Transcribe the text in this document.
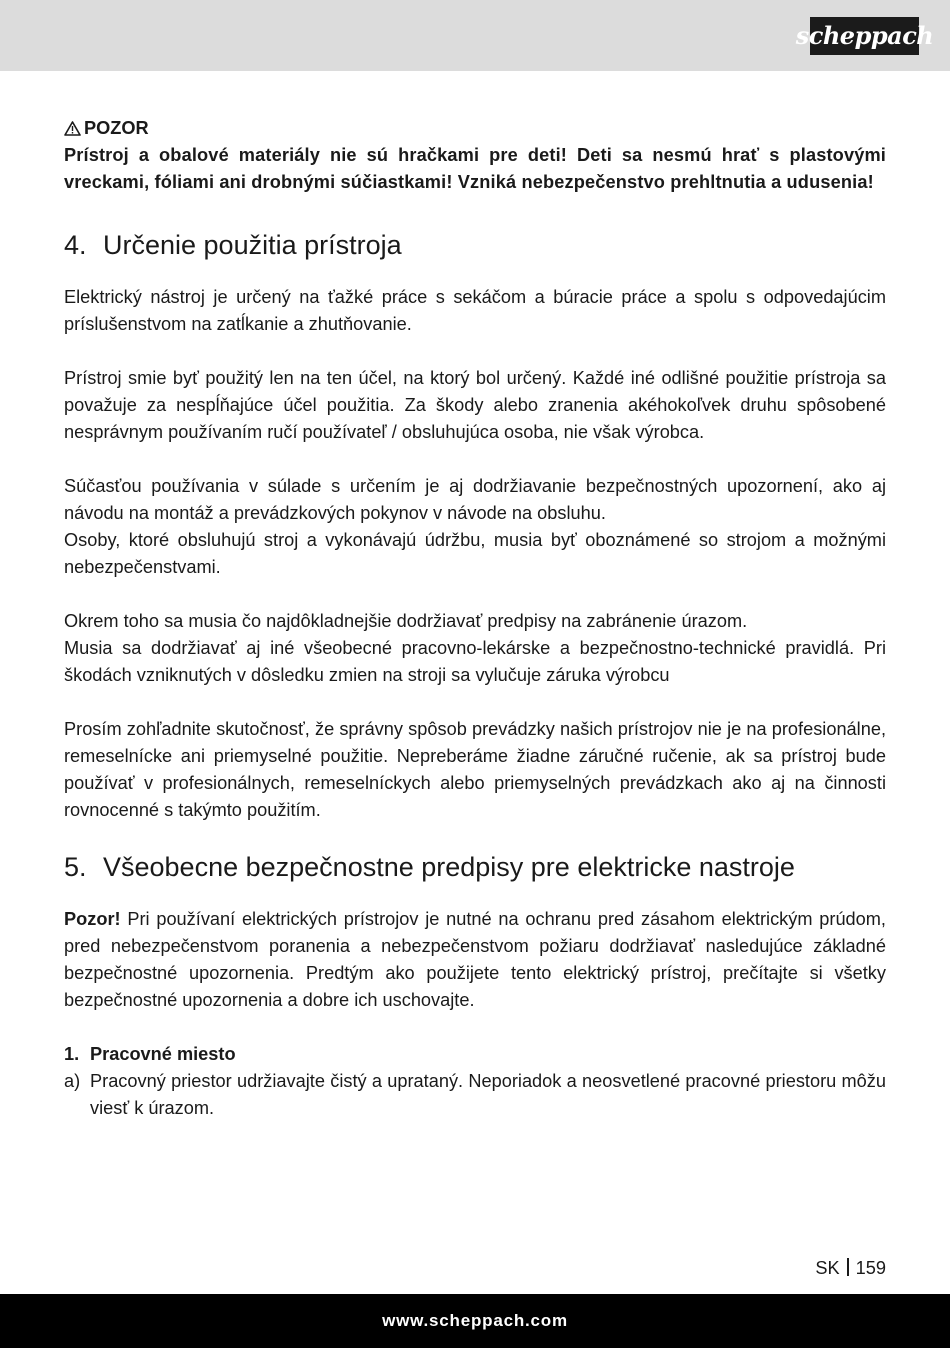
scheppach
POZOR

Prístroj a obalové materiály nie sú hračkami pre deti! Deti sa nesmú hrať s plastovými vreckami, fóliami ani drobnými súčiastkami! Vzniká nebezpečenstvo prehltnutia a udusenia!

4. Určenie použitia prístroja

Elektrický nástroj je určený na ťažké práce s sekáčom a búracie práce a spolu s odpovedajúcim príslušenstvom na zatĺkanie a zhutňovanie.

Prístroj smie byť použitý len na ten účel, na ktorý bol určený. Každé iné odlišné použitie prístroja sa považuje za nespĺňajúce účel použitia. Za škody alebo zranenia akéhokoľvek druhu spôsobené nesprávnym používaním ručí používateľ / obsluhujúca osoba, nie však výrobca.

Súčasťou používania v súlade s určením je aj dodržiavanie bezpečnostných upozornení, ako aj návodu na montáž a prevádzkových pokynov v návode na obsluhu.

Osoby, ktoré obsluhujú stroj a vykonávajú údržbu, musia byť oboznámené so strojom a možnými nebezpečenstvami.

Okrem toho sa musia čo najdôkladnejšie dodržiavať predpisy na zabránenie úrazom.

Musia sa dodržiavať aj iné všeobecné pracovno-lekárske a bezpečnostno-technické pravidlá. Pri škodách vzniknutých v dôsledku zmien na stroji sa vylučuje záruka výrobcu

Prosím zohľadnite skutočnosť, že správny spôsob prevádzky našich prístrojov nie je na profesionálne, remeselnícke ani priemyselné použitie. Nepreberáme žiadne záručné ručenie, ak sa prístroj bude používať v profesionálnych, remeselníckych alebo priemyselných prevádzkach ako aj na činnosti rovnocenné s takýmto použitím.

5. Všeobecne bezpečnostne predpisy pre elektricke nastroje

Pozor! Pri používaní elektrických prístrojov je nutné na ochranu pred zásahom elektrickým prúdom, pred nebezpečenstvom poranenia a nebezpečenstvom požiaru dodržiavať nasledujúce základné bezpečnostné upozornenia. Predtým ako použijete tento elektrický prístroj, prečítajte si všetky bezpečnostné upozornenia a dobre ich uschovajte.

1. Pracovné miesto
a) Pracovný priestor udržiavajte čistý a uprataný. Neporiadok a neosvetlené pracovné priestoru môžu viesť k úrazom.
SK 159
www.scheppach.com
